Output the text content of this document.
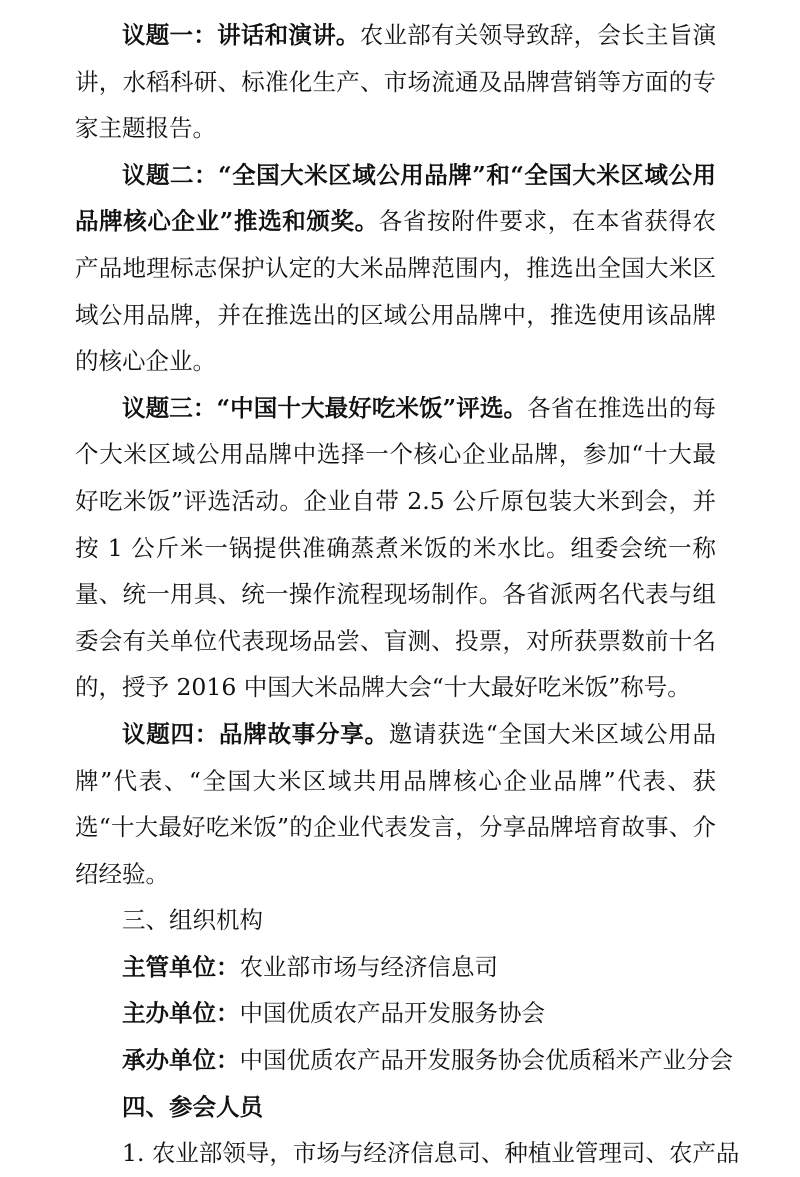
议题一：讲话和演讲。农业部有关领导致辞，会长主旨演讲，水稻科研、标准化生产、市场流通及品牌营销等方面的专家主题报告。

议题二：“全国大米区域公用品牌”和“全国大米区域公用品牌核心企业”推选和颁奖。各省按附件要求，在本省获得农产品地理标志保护认定的大米品牌范围内，推选出全国大米区域公用品牌，并在推选出的区域公用品牌中，推选使用该品牌的核心企业。

议题三：“中国十大最好吃米饭”评选。各省在推选出的每个大米区域公用品牌中选择一个核心企业品牌，参加“十大最好吃米饭”评选活动。企业自带 2.5 公斤原包装大米到会，并按 1 公斤米一锅提供准确蒸煮米饭的米水比。组委会统一称量、统一用具、统一操作流程现场制作。各省派两名代表与组委会有关单位代表现场品尝、盲测、投票，对所获票数前十名的，授予 2016 中国大米品牌大会“十大最好吃米饭”称号。

议题四：品牌故事分享。邀请获选“全国大米区域公用品牌”代表、“全国大米区域共用品牌核心企业品牌”代表、获选“十大最好吃米饭”的企业代表发言，分享品牌培育故事、介绍经验。

三、组织机构

主管单位：农业部市场与经济信息司

主办单位：中国优质农产品开发服务协会

承办单位：中国优质农产品开发服务协会优质稻米产业分会

四、参会人员

1. 农业部领导，市场与经济信息司、种植业管理司、农产品
